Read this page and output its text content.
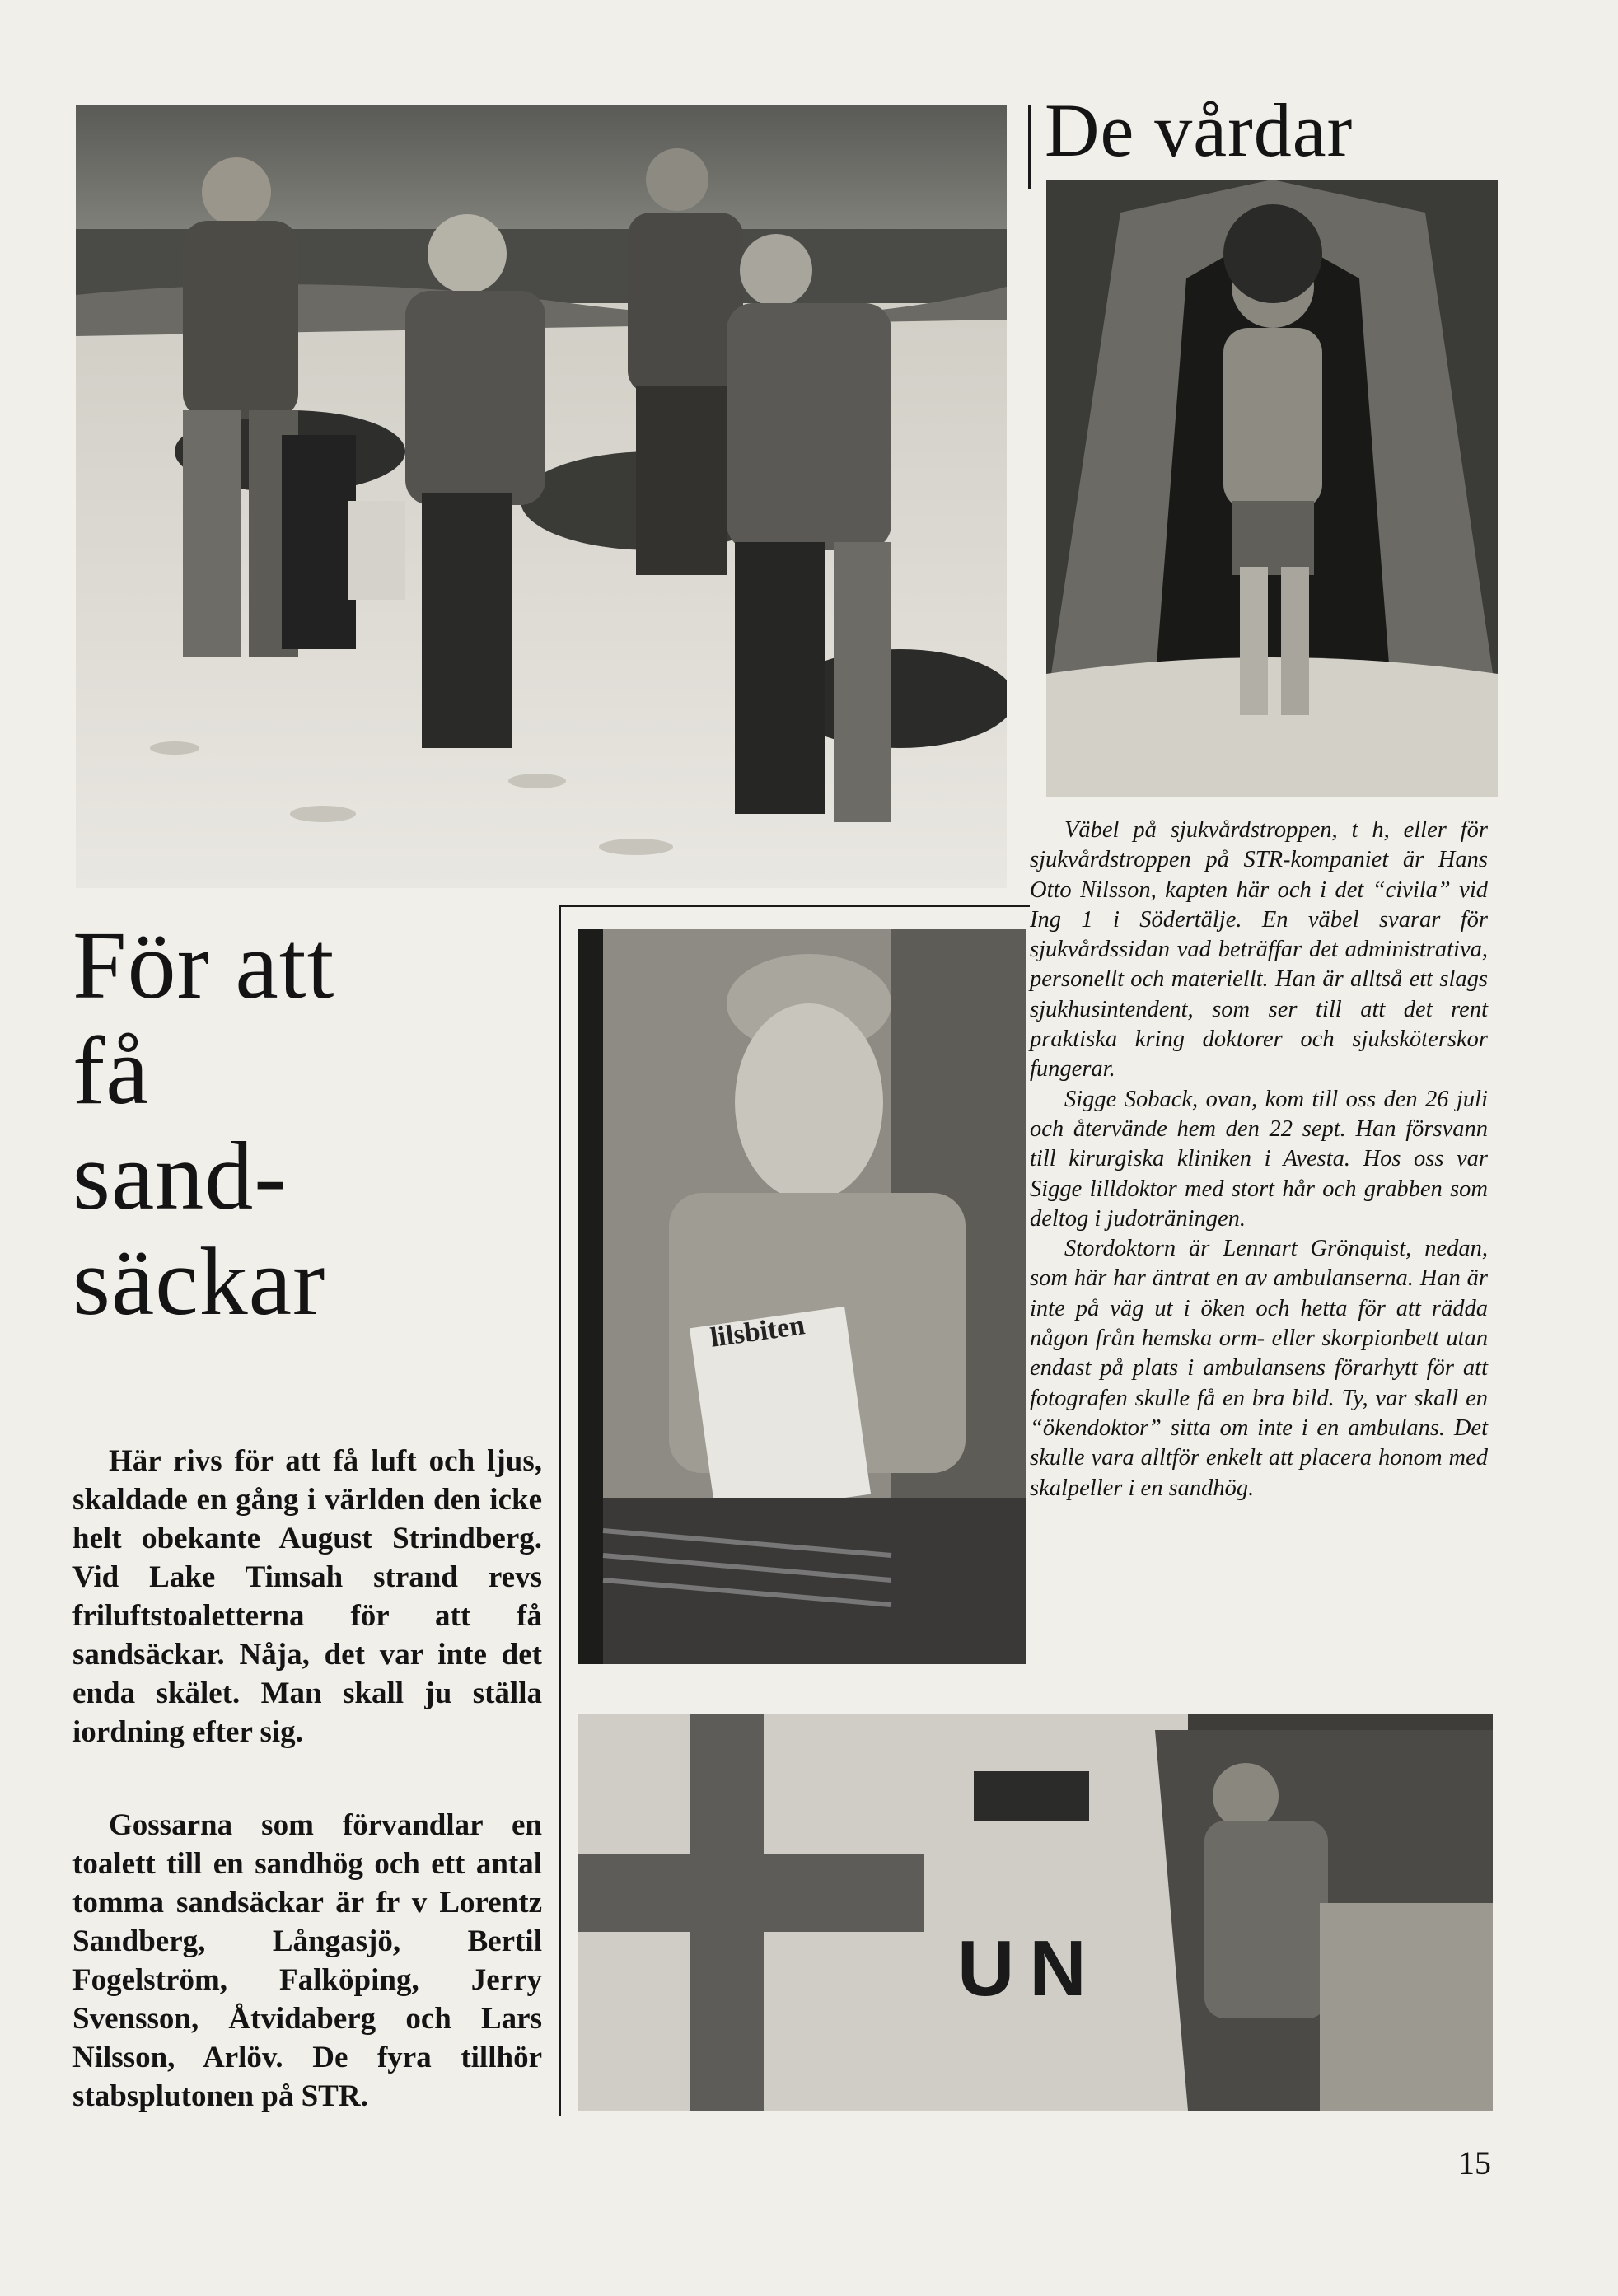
lilsbiten
UN
De vårdar
För att
få
sand-
säckar
Här rivs för att få luft och ljus, skaldade en gång i världen den icke helt obekante August Strindberg. Vid Lake Timsah strand revs friluftstoaletterna för att få sandsäckar. Nåja, det var inte det enda skälet. Man skall ju ställa iordning efter sig.
Gossarna som förvandlar en toalett till en sandhög och ett antal tomma sandsäckar är fr v Lorentz Sandberg, Långasjö, Bertil Fogelström, Falköping, Jerry Svensson, Åtvidaberg och Lars Nilsson, Arlöv. De fyra tillhör stabsplutonen på STR.

Väbel på sjukvårdstroppen, t h, eller för sjukvårdstroppen på STR-kompaniet är Hans Otto Nilsson, kapten här och i det “civila” vid Ing 1 i Södertälje. En väbel svarar för sjukvårdssidan vad beträffar det administrativa, personellt och materiellt. Han är alltså ett slags sjukhusintendent, som ser till att det rent praktiska kring doktorer och sjuksköterskor fungerar.

Sigge Soback, ovan, kom till oss den 26 juli och återvände hem den 22 sept. Han försvann till kirurgiska kliniken i Avesta. Hos oss var Sigge lilldoktor med stort hår och grabben som deltog i judoträningen.

Stordoktorn är Lennart Grönquist, nedan, som här har äntrat en av ambulanserna. Han är inte på väg ut i öken och hetta för att rädda någon från hemska orm- eller skorpionbett utan endast på plats i ambulansens förarhytt för att fotografen skulle få en bra bild. Ty, var skall en “ökendoktor” sitta om inte i en ambulans. Det skulle vara alltför enkelt att placera honom med skalpeller i en sandhög.

15
